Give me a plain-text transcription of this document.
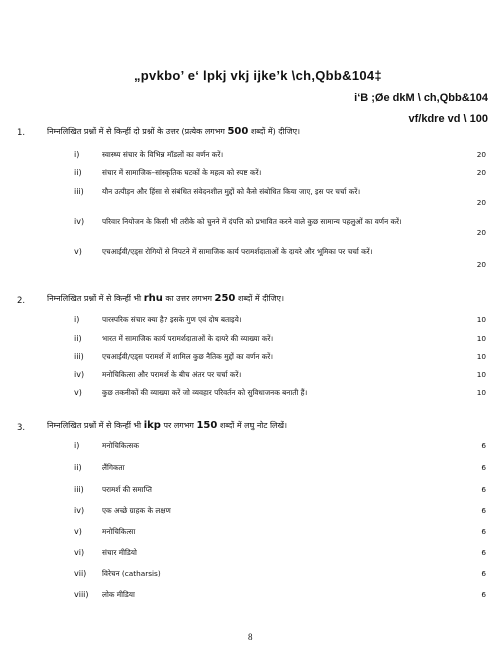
„pvkbo’ e‘ lpkj vkj ijke’k \ch,Qbb&104‡
i‘B ;Øe dkM \ ch,Qbb&104
vf/kdre vd \ 100
1.	निम्नलिखित प्रश्नों में से किन्हीं दो प्रश्नों के उत्तर (प्रत्येक लगभग 500 शब्दों में) दीजिए।
i)	स्वास्थ्य संचार के विभिन्न मॉडलों का वर्णन करें।	20
ii)	संचार में सामाजिक–सांस्कृतिक घटकों के महत्व को स्पष्ट करें।	20
iii) यौन उत्पीड़न और हिंसा से संबंधित संवेदनशील मुद्दों को कैसे संबोधित किया जाए, इस पर चर्चा करें।
20
iv) परिवार नियोजन के किसी भी तरीके को चुनने में दंपत्ति को प्रभावित करने वाले कुछ सामान्य पहलुओं का वर्णन करें।
20
v)	एचआईवी/एड्स रोगियों से निपटने में सामाजिक कार्य परामर्शदाताओं के दायरे और भूमिका पर चर्चा करें।
20
2.	निम्नलिखित प्रश्नों में से किन्हीं भी rhu का उत्तर लगभग 250 शब्दों में दीजिए।
i)	पारस्परिक संचार क्या है? इसके गुण एवं दोष बताइये।	10
ii)	भारत में सामाजिक कार्य परामर्शदाताओं के दायरे की व्याख्या करें।	10
iii) एचआईवी/एड्स परामर्श में शामिल कुछ नैतिक मुद्दों का वर्णन करें।	10
iv) मनोचिकित्सा और परामर्श के बीच अंतर पर चर्चा करें।	10
v)	कुछ तकनीकों की व्याख्या करें जो व्यवहार परिवर्तन को सुविधाजनक बनाती हैं।	10
3.	निम्नलिखित प्रश्नों में से किन्हीं भी ikp पर लगभग 150 शब्दों में लघु नोट लिखें।
i)	मनोचिकित्सक	6
ii)	लैंगिकता	6
iii) परामर्श की समाप्ति	6
iv) एक अच्छे ग्राहक के लक्षण	6
v)	मनोचिकित्सा	6
vi) संचार मीडियो	6
vii) विरेचन (catharsis)	6
viii) लोक मीडिया	6
8
